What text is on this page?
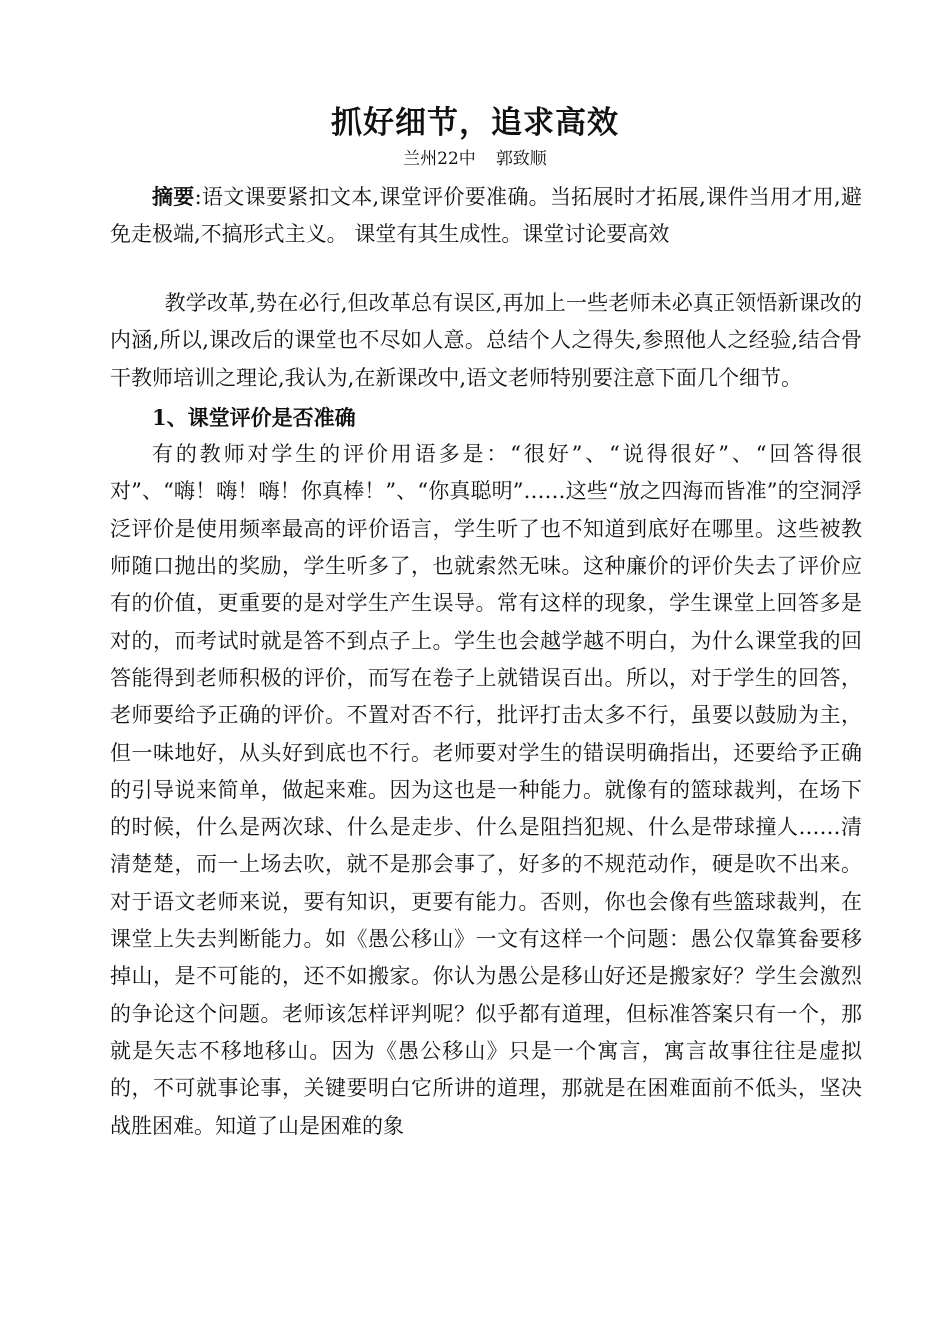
抓好细节，追求高效
兰州22中 郭致顺

摘要:语文课要紧扣文本,课堂评价要准确。当拓展时才拓展,课件当用才用,避免走极端,不搞形式主义。 课堂有其生成性。课堂讨论要高效

教学改革,势在必行,但改革总有误区,再加上一些老师未必真正领悟新课改的内涵,所以,课改后的课堂也不尽如人意。总结个人之得失,参照他人之经验,结合骨干教师培训之理论,我认为,在新课改中,语文老师特别要注意下面几个细节。

1、课堂评价是否准确

有的教师对学生的评价用语多是：“很好”、“说得很好”、“回答得很对”、“嗨！嗨！嗨！你真棒！”、“你真聪明”……这些“放之四海而皆准”的空洞浮泛评价是使用频率最高的评价语言，学生听了也不知道到底好在哪里。这些被教师随口抛出的奖励，学生听多了，也就索然无味。这种廉价的评价失去了评价应有的价值，更重要的是对学生产生误导。常有这样的现象，学生课堂上回答多是对的，而考试时就是答不到点子上。学生也会越学越不明白，为什么课堂我的回答能得到老师积极的评价，而写在卷子上就错误百出。所以，对于学生的回答，老师要给予正确的评价。不置对否不行，批评打击太多不行，虽要以鼓励为主，但一味地好，从头好到底也不行。老师要对学生的错误明确指出，还要给予正确的引导说来简单，做起来难。因为这也是一种能力。就像有的篮球裁判，在场下的时候，什么是两次球、什么是走步、什么是阻挡犯规、什么是带球撞人……清清楚楚，而一上场去吹，就不是那会事了，好多的不规范动作，硬是吹不出来。对于语文老师来说，要有知识，更要有能力。否则，你也会像有些篮球裁判，在课堂上失去判断能力。如《愚公移山》一文有这样一个问题：愚公仅靠箕畚要移掉山，是不可能的，还不如搬家。你认为愚公是移山好还是搬家好？学生会激烈的争论这个问题。老师该怎样评判呢？似乎都有道理，但标准答案只有一个，那就是矢志不移地移山。因为《愚公移山》只是一个寓言，寓言故事往往是虚拟的，不可就事论事，关键要明白它所讲的道理，那就是在困难面前不低头，坚决战胜困难。知道了山是困难的象
